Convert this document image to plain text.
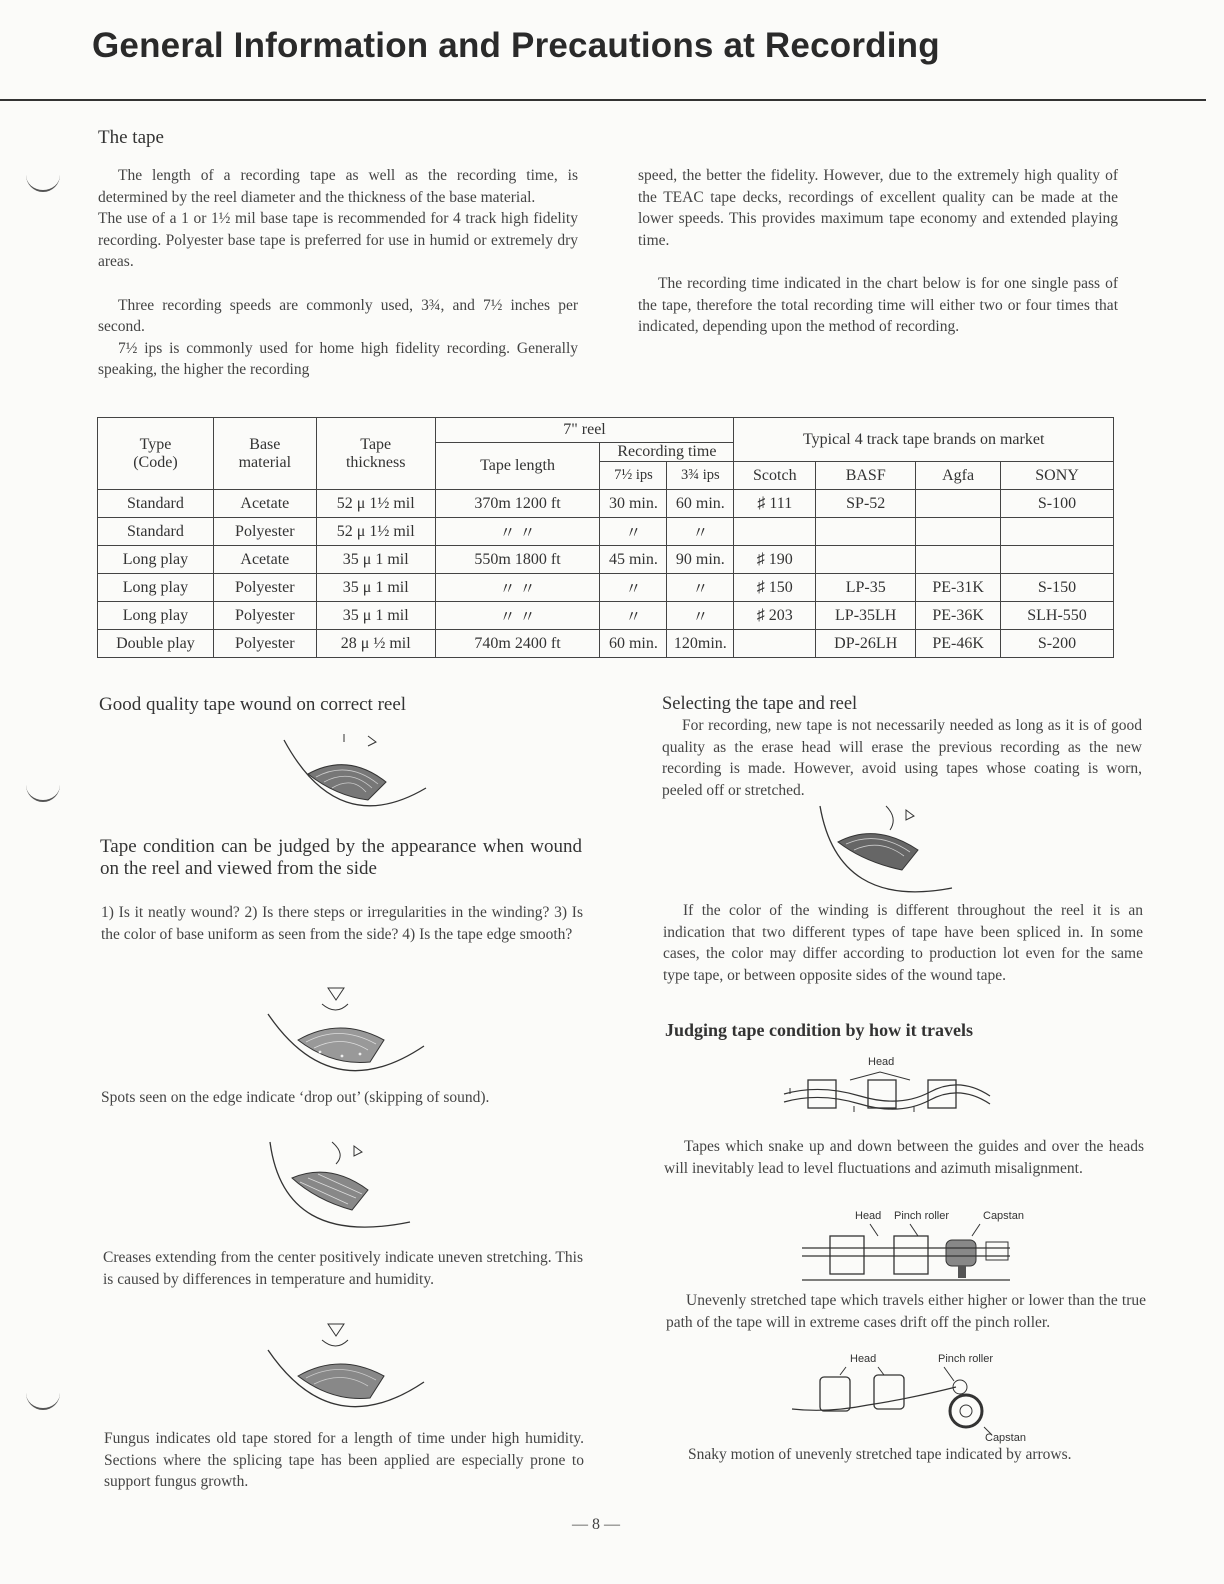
General Information and Precautions at Recording
The tape

The length of a recording tape as well as the recording time, is determined by the reel diameter and the thickness of the base material.

The use of a 1 or 1½ mil base tape is recommended for 4 track high fidelity recording. Polyester base tape is preferred for use in humid or extremely dry areas.

Three recording speeds are commonly used, 3¾, and 7½ inches per second.

7½ ips is commonly used for home high fidelity recording. Generally speaking, the higher the recording

speed, the better the fidelity. However, due to the extremely high quality of the TEAC tape decks, recordings of excellent quality can be made at the lower speeds. This provides maximum tape economy and extended playing time.

The recording time indicated in the chart below is for one single pass of the tape, therefore the total recording time will either two or four times that indicated, depending upon the method of recording.

Type
(Code)	Base
material	Tape
thickness	7" reel			Typical 4 track tape brands on market			
			Tape length	Recording time					
				7½ ips	3¾ ips	Scotch	BASF	Agfa	SONY
Standard	Acetate	52 μ 1½ mil	370m 1200 ft	30 min.	60 min.	♯ 111	SP-52		S-100
Standard	Polyester	52 μ 1½ mil	〃 〃	〃	〃				
Long play	Acetate	35 μ 1 mil	550m 1800 ft	45 min.	90 min.	♯ 190			
Long play	Polyester	35 μ 1 mil	〃 〃	〃	〃	♯ 150	LP-35	PE-31K	S-150
Long play	Polyester	35 μ 1 mil	〃 〃	〃	〃	♯ 203	LP-35LH	PE-36K	SLH-550
Double play	Polyester	28 μ ½ mil	740m 2400 ft	60 min.	120min.		DP-26LH	PE-46K	S-200
Good quality tape wound on correct reel
Tape condition can be judged by the appearance when wound on the reel and viewed from the side

1) Is it neatly wound? 2) Is there steps or irregularities in the winding? 3) Is the color of base uniform as seen from the side? 4) Is the tape edge smooth?

Spots seen on the edge indicate ‘drop out’ (skipping of sound).

Creases extending from the center positively indicate uneven stretching. This is caused by differences in temperature and humidity.

Fungus indicates old tape stored for a length of time under high humidity. Sections where the splicing tape has been applied are especially prone to support fungus growth.

Selecting the tape and reel

For recording, new tape is not necessarily needed as long as it is of good quality as the erase head will erase the previous recording as the new recording is made. However, avoid using tapes whose coating is worn, peeled off or stretched.

If the color of the winding is different throughout the reel it is an indication that two different types of tape have been spliced in. In some cases, the color may differ according to production lot even for the same type tape, or between opposite sides of the wound tape.

Judging tape condition by how it travels
Head

Tapes which snake up and down between the guides and over the heads will inevitably lead to level fluctuations and azimuth misalignment.

Head Pinch roller	Capstan

Unevenly stretched tape which travels either higher or lower than the true path of the tape will in extreme cases drift off the pinch roller.

Head	Pinch roller
Capstan

Snaky motion of unevenly stretched tape indicated by arrows.

— 8 —
